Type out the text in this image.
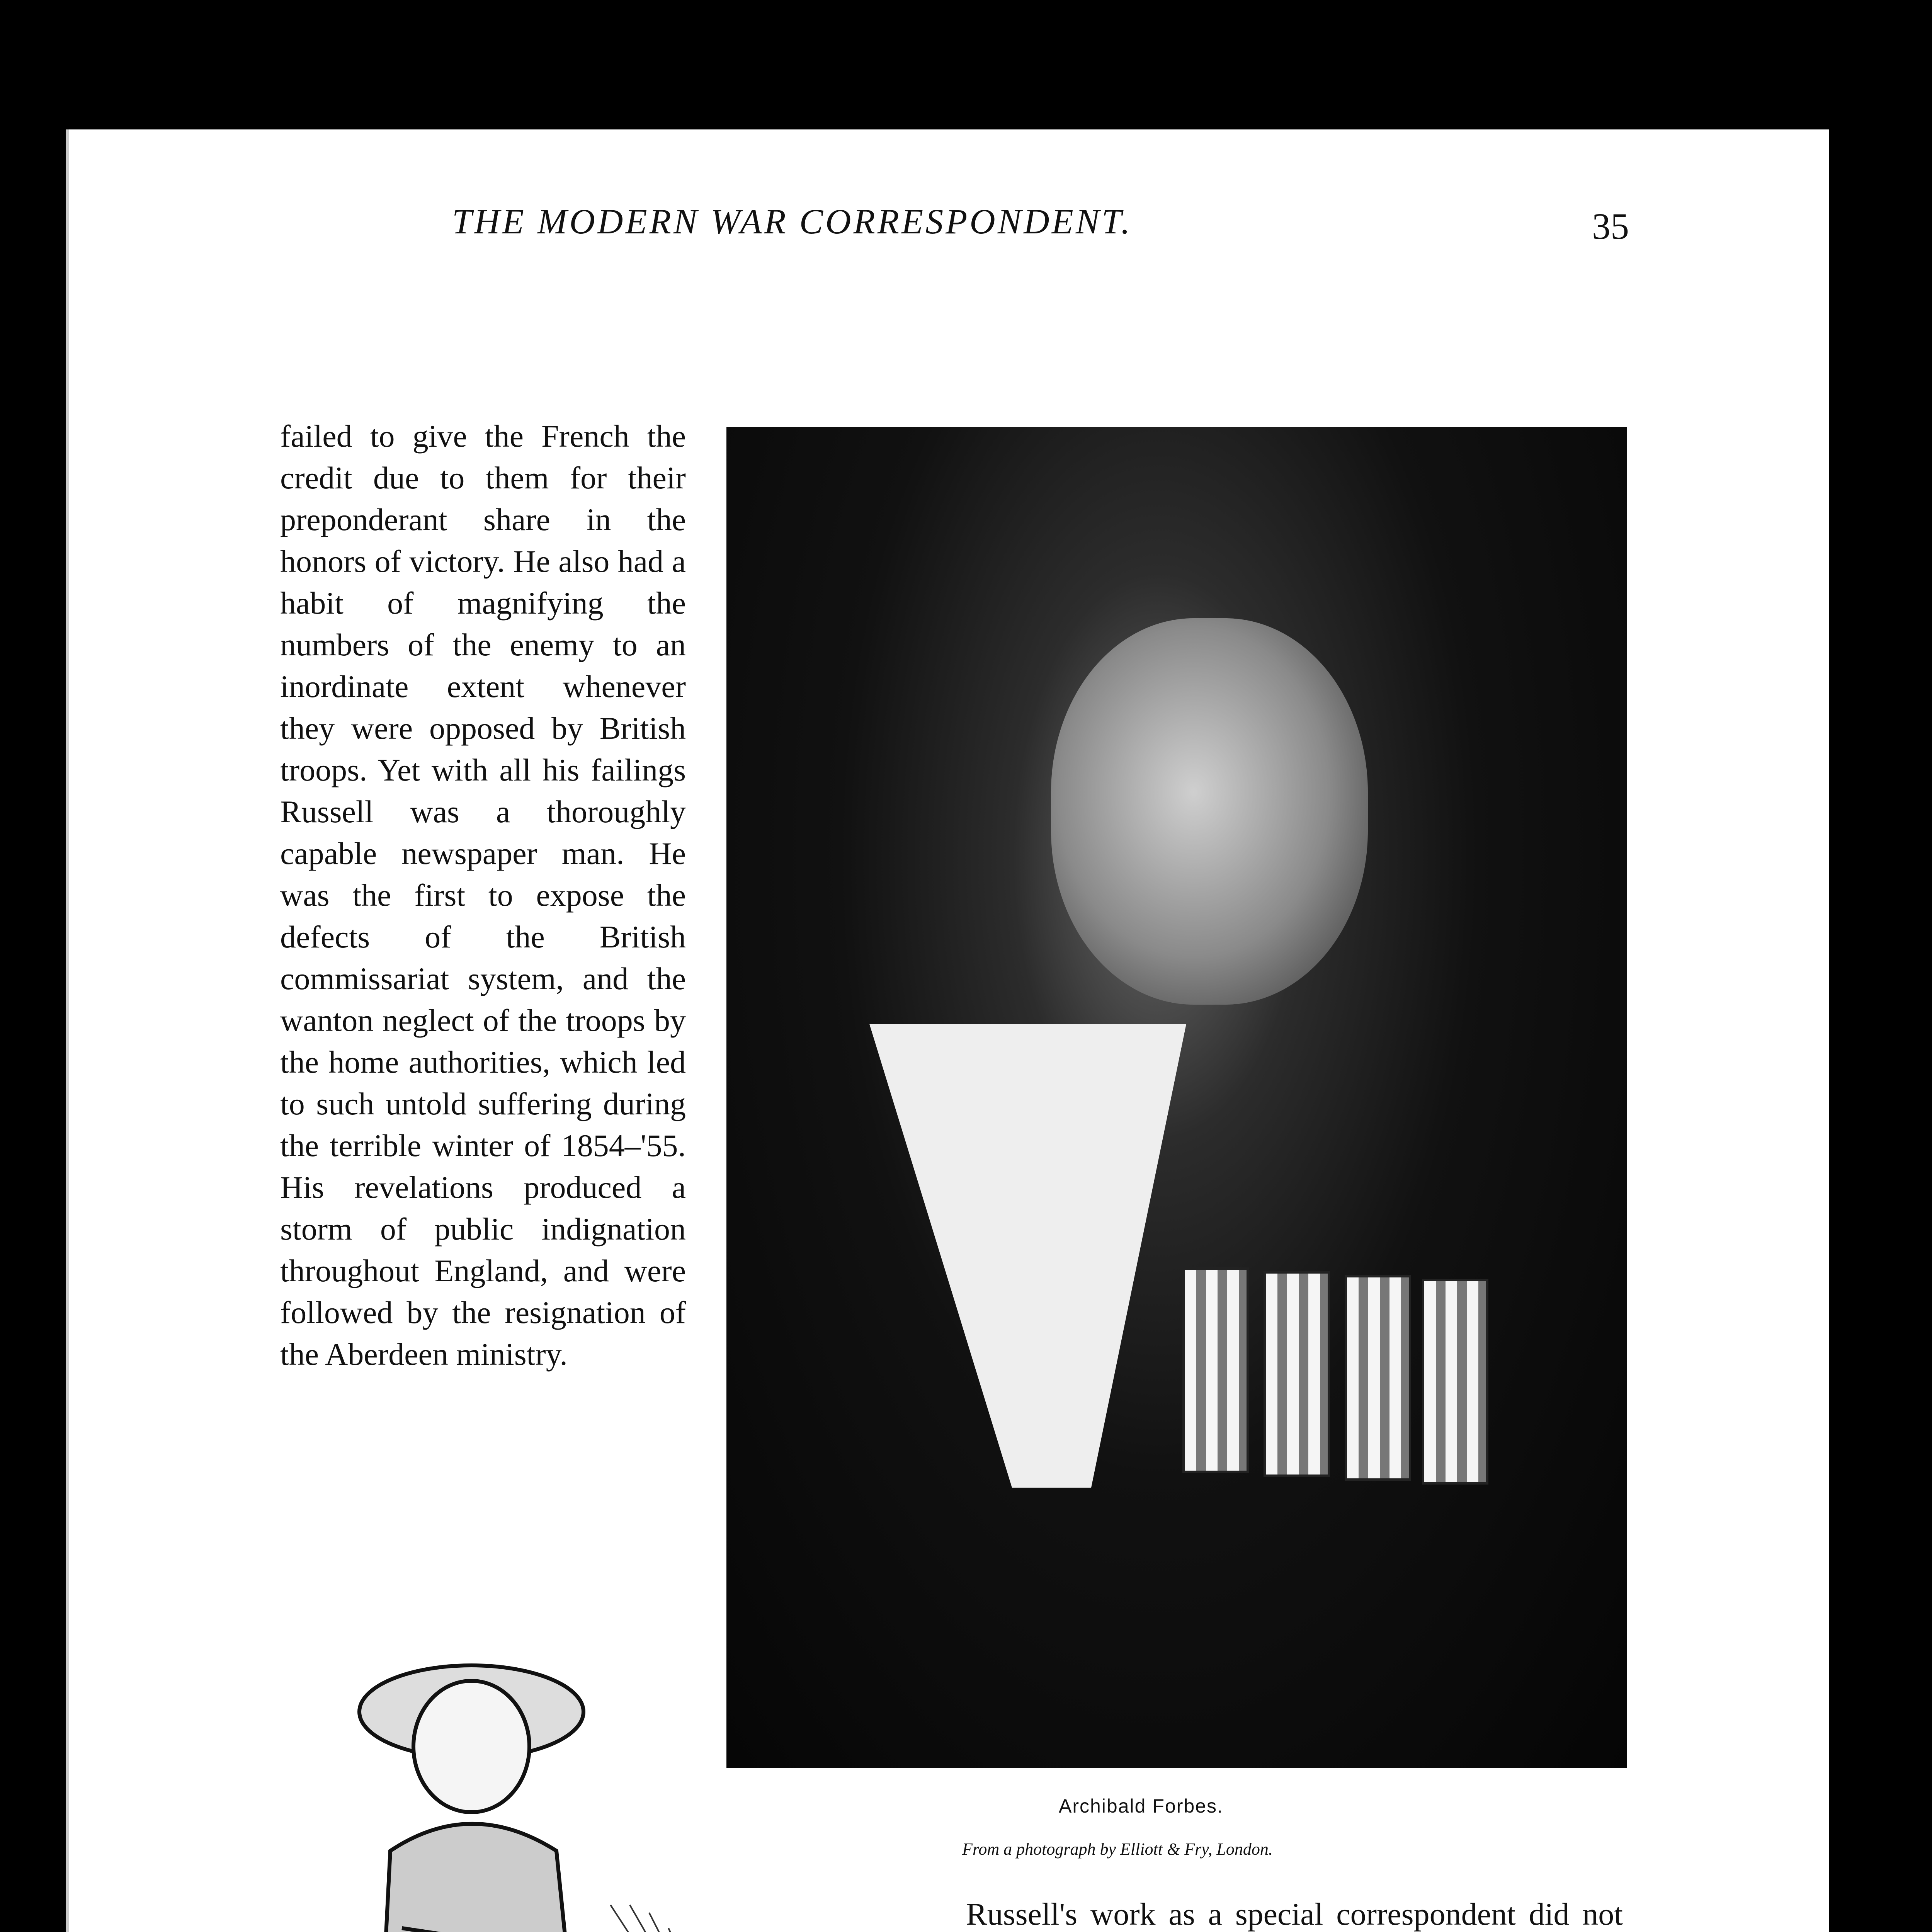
THE MODERN WAR CORRESPONDENT.	35

failed to give the French the credit due to them for their preponderant share in the honors of victory. He also had a habit of magnifying the numbers of the enemy to an inordinate extent whenever they were opposed by British troops. Yet with all his failings Russell was a thoroughly capable newspaper man. He was the first to expose the defects of the British commissariat system, and the wanton neglect of the troops by the home authorities, which led to such untold suffering during the terrible winter of 1854–'55. His revelations produced a storm of public indignation throughout England, and were followed by the resignation of the Aberdeen ministry.

Archibald Forbes.
From a photograph by Elliott & Fry, London.

Russell's work as a special correspondent did not
